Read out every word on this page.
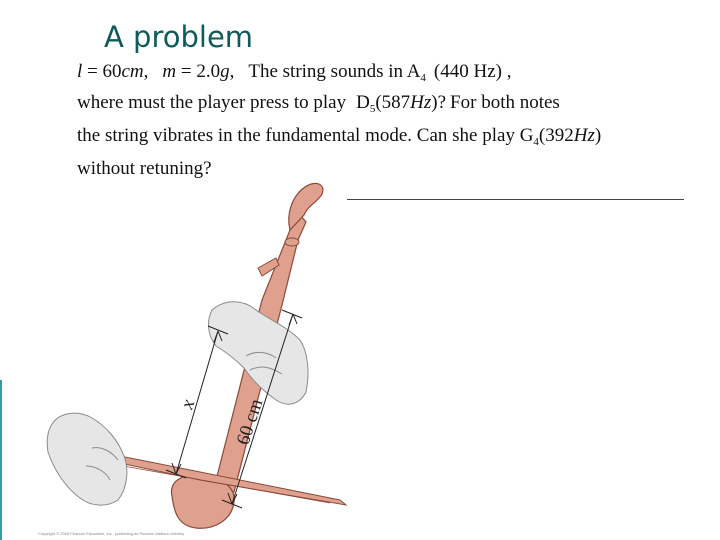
A problem
l = 60cm, m = 2.0g, The string sounds in $A_4$ (440 Hz) ,
where must the player press to play $D_5(587Hz)$? For both notes
the string vibrates in the fundamental mode. Can she play $G_4(392Hz)$
without retuning?
x 60 cm
Copyright © 2008 Pearson Education, Inc., publishing as Pearson Addison-Wesley.
